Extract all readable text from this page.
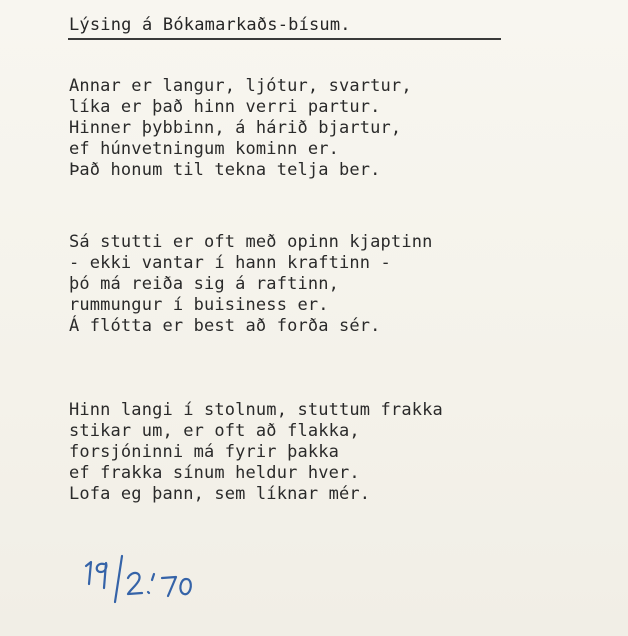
Lýsing á Bókamarkaðs-bísum.
Annar er langur, ljótur, svartur,
líka er það hinn verri partur.
Hinner þybbinn, á hárið bjartur,
ef húnvetningum kominn er.
Það honum til tekna telja ber.
Sá stutti er oft með opinn kjaptinn
- ekki vantar í hann kraftinn -
þó má reiða sig á raftinn,
rummungur í buisiness er.
Á flótta er best að forða sér.
Hinn langi í stolnum, stuttum frakka
stikar um, er oft að flakka,
forsjóninni má fyrir þakka
ef frakka sínum heldur hver.
Lofa eg þann, sem líknar mér.
